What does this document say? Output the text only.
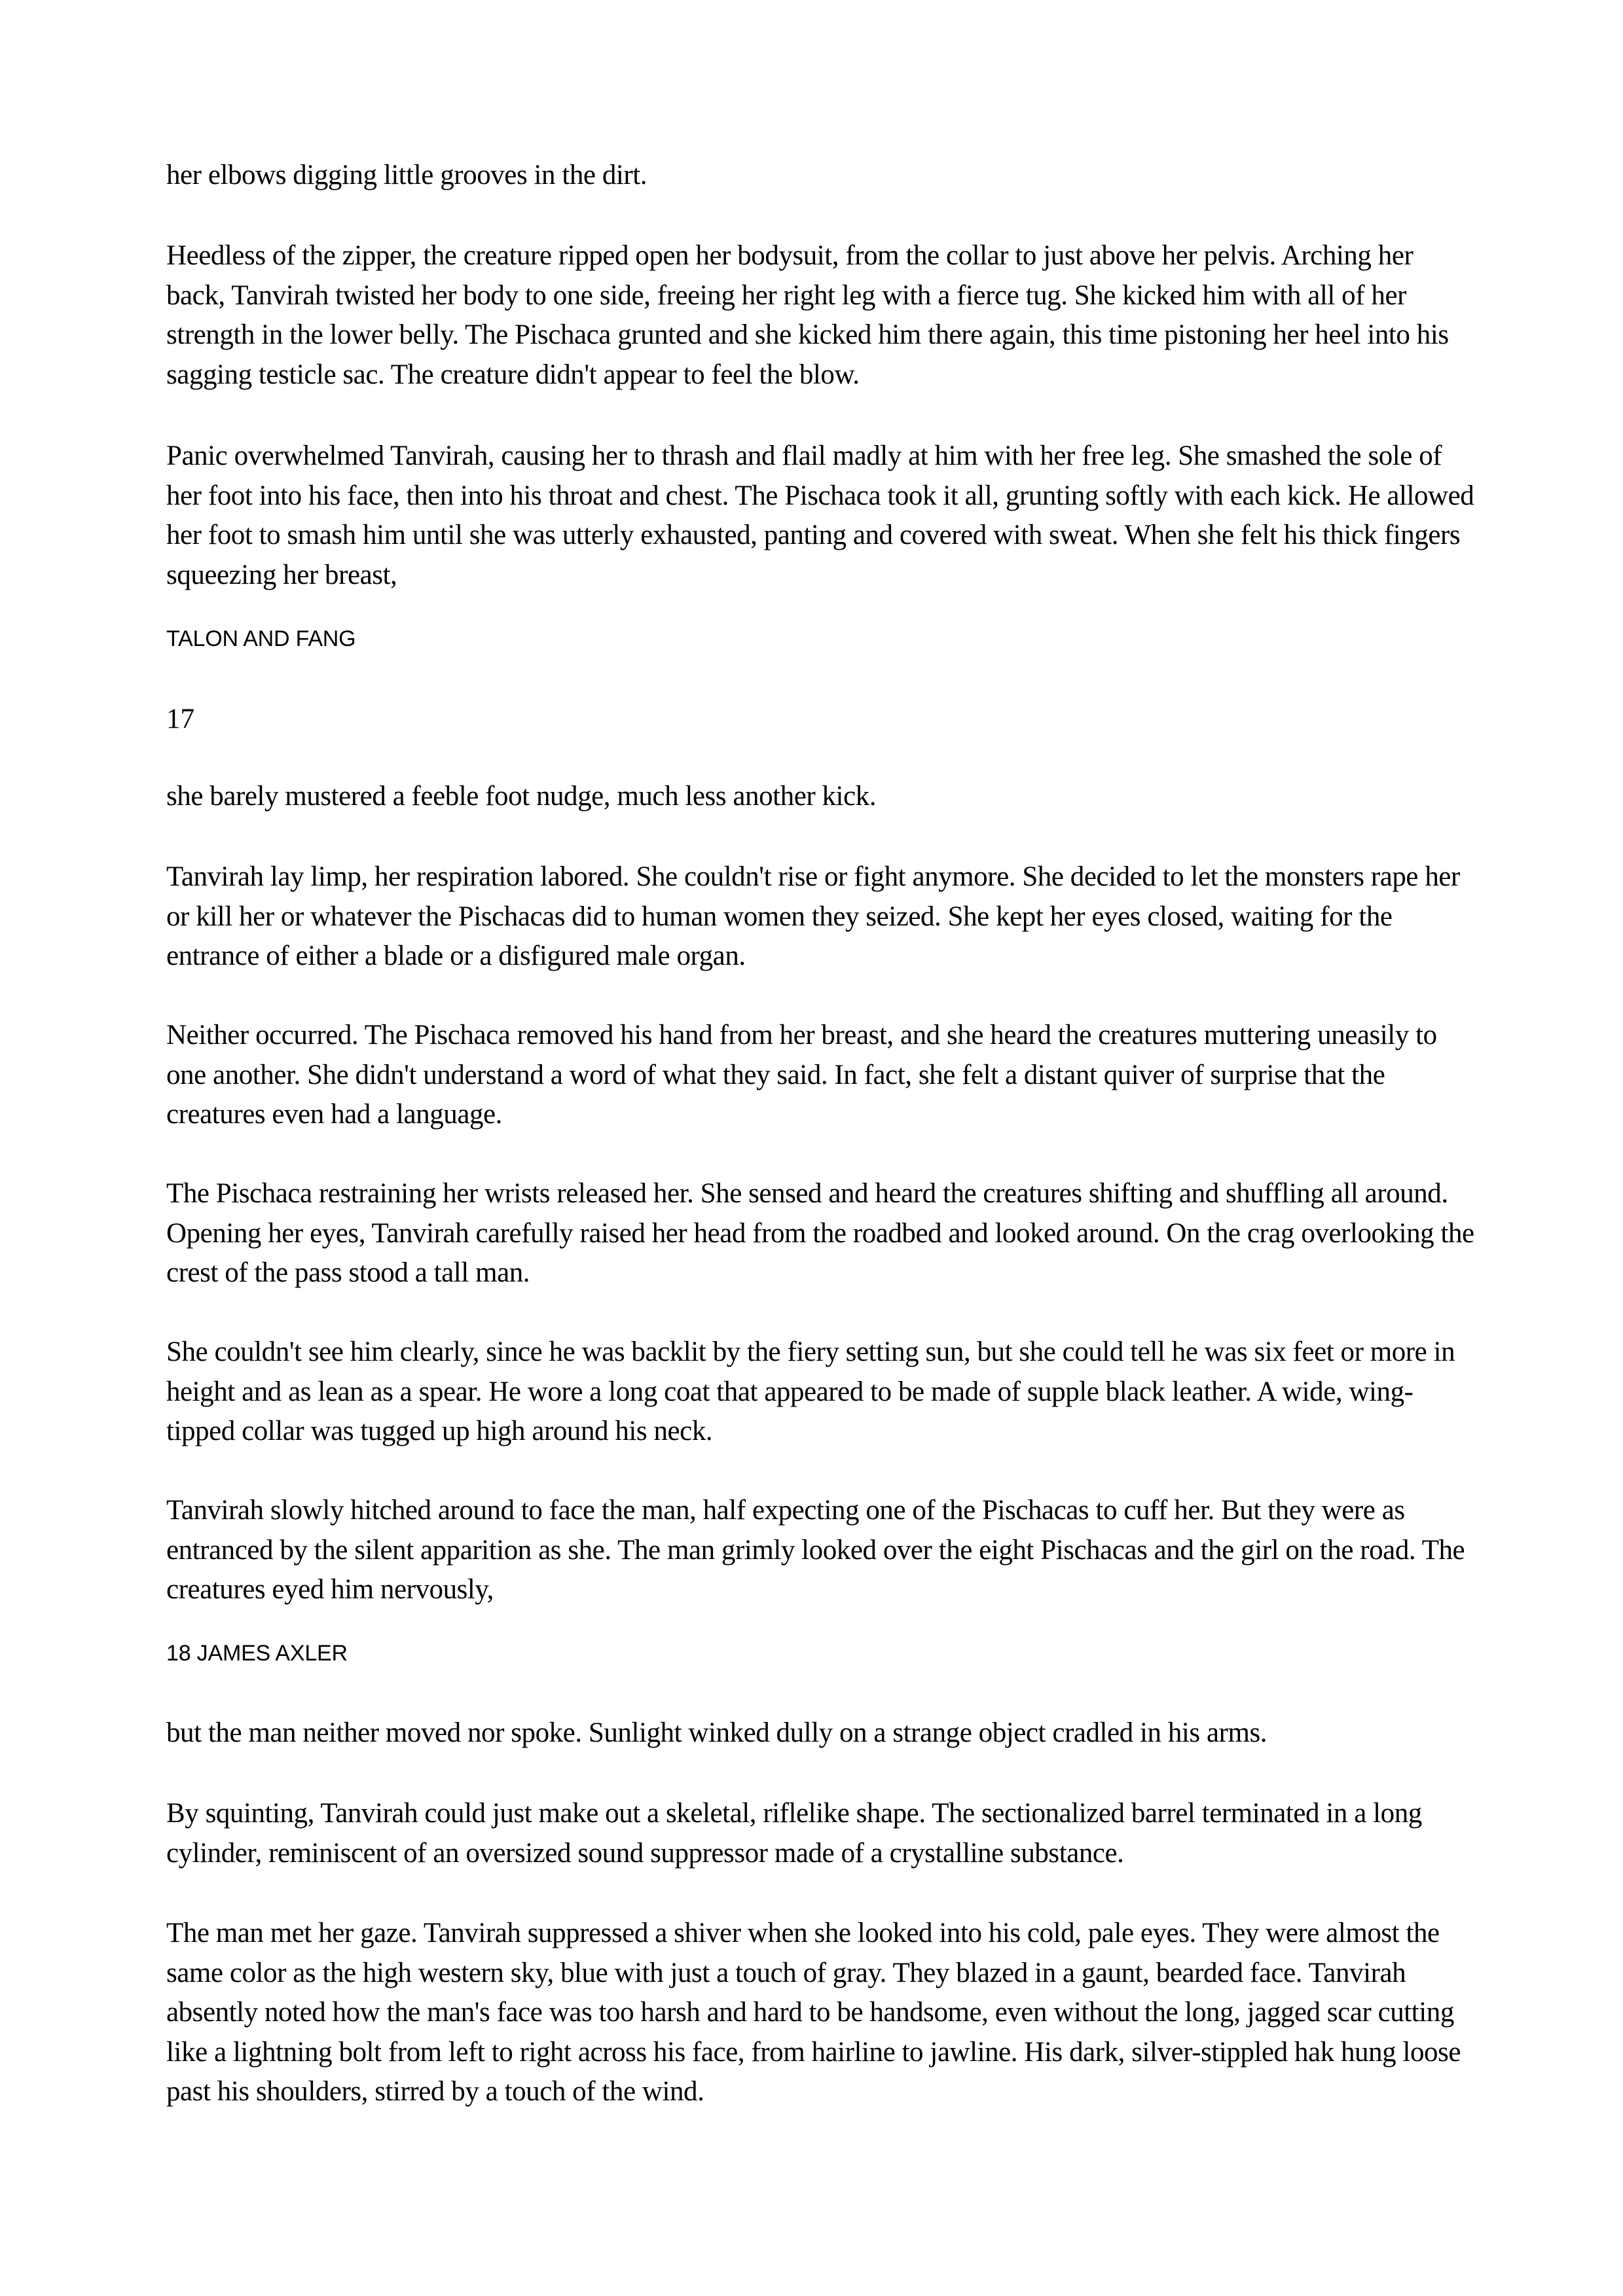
her elbows digging little grooves in the dirt.

Heedless of the zipper, the creature ripped open her bodysuit, from the collar to just above her pelvis. Arching her back, Tanvirah twisted her body to one side, freeing her right leg with a fierce tug. She kicked him with all of her strength in the lower belly. The Pischaca grunted and she kicked him there again, this time pistoning her heel into his sagging testicle sac. The creature didn't appear to feel the blow.

Panic overwhelmed Tanvirah, causing her to thrash and flail madly at him with her free leg. She smashed the sole of her foot into his face, then into his throat and chest. The Pischaca took it all, grunting softly with each kick. He allowed her foot to smash him until she was utterly exhausted, panting and covered with sweat. When she felt his thick fingers squeezing her breast,

TALON AND FANG
17

she barely mustered a feeble foot nudge, much less another kick.

Tanvirah lay limp, her respiration labored. She couldn't rise or fight anymore. She decided to let the monsters rape her or kill her or whatever the Pischacas did to human women they seized. She kept her eyes closed, waiting for the entrance of either a blade or a disfigured male organ.

Neither occurred. The Pischaca removed his hand from her breast, and she heard the creatures muttering uneasily to one another. She didn't understand a word of what they said. In fact, she felt a distant quiver of surprise that the creatures even had a language.

The Pischaca restraining her wrists released her. She sensed and heard the creatures shifting and shuffling all around. Opening her eyes, Tanvirah carefully raised her head from the roadbed and looked around. On the crag overlooking the crest of the pass stood a tall man.

She couldn't see him clearly, since he was backlit by the fiery setting sun, but she could tell he was six feet or more in height and as lean as a spear. He wore a long coat that appeared to be made of supple black leather. A wide, wing-tipped collar was tugged up high around his neck.

Tanvirah slowly hitched around to face the man, half expecting one of the Pischacas to cuff her. But they were as entranced by the silent apparition as she. The man grimly looked over the eight Pischacas and the girl on the road. The creatures eyed him nervously,

18 JAMES AXLER

but the man neither moved nor spoke. Sunlight winked dully on a strange object cradled in his arms.

By squinting, Tanvirah could just make out a skeletal, riflelike shape. The sectionalized barrel terminated in a long cylinder, reminiscent of an oversized sound suppressor made of a crystalline substance.

The man met her gaze. Tanvirah suppressed a shiver when she looked into his cold, pale eyes. They were almost the same color as the high western sky, blue with just a touch of gray. They blazed in a gaunt, bearded face. Tanvirah absently noted how the man's face was too harsh and hard to be handsome, even without the long, jagged scar cutting like a lightning bolt from left to right across his face, from hairline to jawline. His dark, silver-stippled hak hung loose past his shoulders, stirred by a touch of the wind.
